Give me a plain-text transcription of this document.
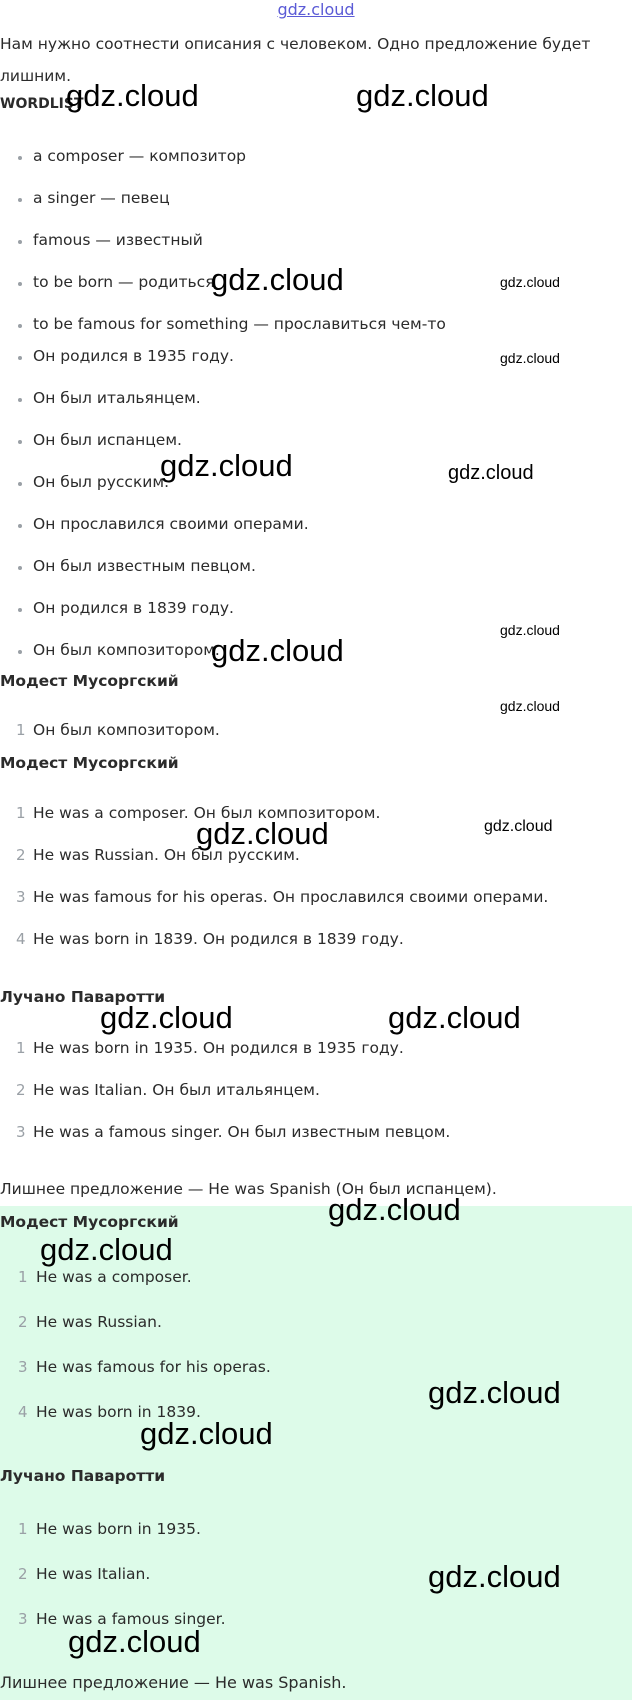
gdz.cloud
Нам нужно соотнести описания с человеком. Одно предложение будет лишним.
WORDLIST
a composer — композитор
a singer — певец
famous — известный
to be born — родиться
to be famous for something — прославиться чем-то
Он родился в 1935 году.
Он был итальянцем.
Он был испанцем.
Он был русским.
Он прославился своими операми.
Он был известным певцом.
Он родился в 1839 году.
Он был композитором.
Модест Мусоргский
1 Он был композитором.
Модест Мусоргский
1 He was a composer. Он был композитором.
2 He was Russian. Он был русским.
3 He was famous for his operas. Он прославился своими операми.
4 He was born in 1839. Он родился в 1839 году.
Лучано Паваротти
1 He was born in 1935. Он родился в 1935 году.
2 He was Italian. Он был итальянцем.
3 He was a famous singer. Он был известным певцом.
Лишнее предложение — He was Spanish (Он был испанцем).
Модест Мусоргский
1 He was a composer.
2 He was Russian.
3 He was famous for his operas.
4 He was born in 1839.
Лучано Паваротти
1 He was born in 1935.
2 He was Italian.
3 He was a famous singer.
Лишнее предложение — He was Spanish.
gdz.cloud	gdz.cloud
gdz.cloud	gdz.cloud
gdz.cloud
gdz.cloud	gdz.cloud
gdz.cloud
gdz.cloud
gdz.cloud
gdz.cloud	gdz.cloud
gdz.cloud	gdz.cloud
gdz.cloud
gdz.cloud
gdz.cloud
gdz.cloud
gdz.cloud
gdz.cloud
